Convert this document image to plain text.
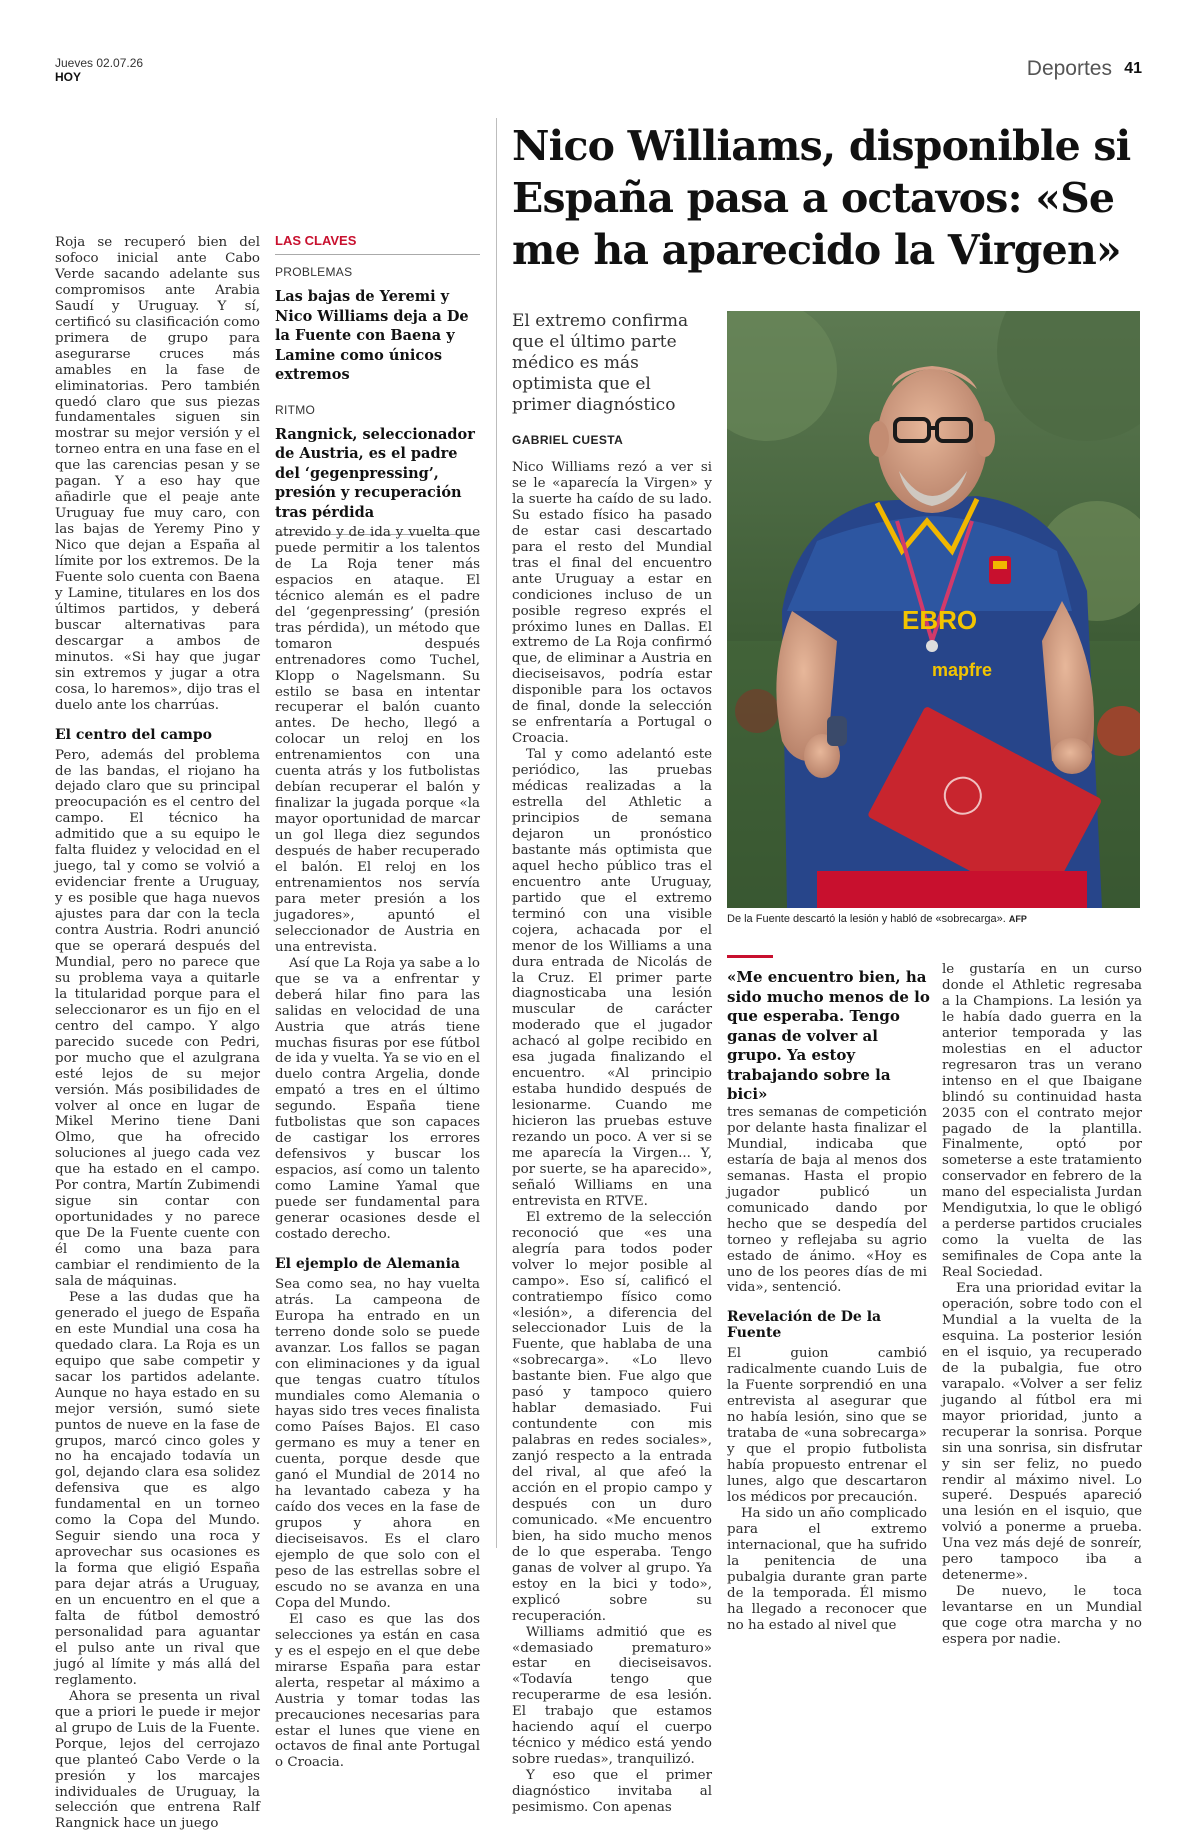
Jueves 02.07.26
HOY	Deportes 41
Nico Williams, disponible si España pasa a octavos: «Se me ha aparecido la Virgen»

Roja se recuperó bien del sofoco inicial ante Cabo Verde sacando adelante sus compromisos ante Arabia Saudí y Uruguay. Y sí, certificó su clasificación como primera de grupo para asegurarse cruces más amables en la fase de eliminatorias. Pero también quedó claro que sus piezas fundamentales siguen sin mostrar su mejor versión y el torneo entra en una fase en el que las carencias pesan y se pagan. Y a eso hay que añadirle que el peaje ante Uruguay fue muy caro, con las bajas de Yeremy Pino y Nico que dejan a España al límite por los extremos. De la Fuente solo cuenta con Baena y Lamine, titulares en los dos últimos partidos, y deberá buscar alternativas para descargar a ambos de minutos. «Si hay que jugar sin extremos y jugar a otra cosa, lo haremos», dijo tras el duelo ante los charrúas.

El centro del campo

Pero, además del problema de las bandas, el riojano ha dejado claro que su principal preocupación es el centro del campo. El técnico ha admitido que a su equipo le falta fluidez y velocidad en el juego, tal y como se volvió a evidenciar frente a Uruguay, y es posible que haga nuevos ajustes para dar con la tecla contra Austria. Rodri anunció que se operará después del Mundial, pero no parece que su problema vaya a quitarle la titularidad porque para el seleccionaror es un fijo en el centro del campo. Y algo parecido sucede con Pedri, por mucho que el azulgrana esté lejos de su mejor versión. Más posibilidades de volver al once en lugar de Mikel Merino tiene Dani Olmo, que ha ofrecido soluciones al juego cada vez que ha estado en el campo. Por contra, Martín Zubimendi sigue sin contar con oportunidades y no parece que De la Fuente cuente con él como una baza para cambiar el rendimiento de la sala de máquinas.

Pese a las dudas que ha generado el juego de España en este Mundial una cosa ha quedado clara. La Roja es un equipo que sabe competir y sacar los partidos adelante. Aunque no haya estado en su mejor versión, sumó siete puntos de nueve en la fase de grupos, marcó cinco goles y no ha encajado todavía un gol, dejando clara esa solidez defensiva que es algo fundamental en un torneo como la Copa del Mundo. Seguir siendo una roca y aprovechar sus ocasiones es la forma que eligió España para dejar atrás a Uruguay, en un encuentro en el que a falta de fútbol demostró personalidad para aguantar el pulso ante un rival que jugó al límite y más allá del reglamento.

Ahora se presenta un rival que a priori le puede ir mejor al grupo de Luis de la Fuente. Porque, lejos del cerrojazo que planteó Cabo Verde o la presión y los marcajes individuales de Uruguay, la selección que entrena Ralf Rangnick hace un juego

LAS CLAVES
PROBLEMAS
Las bajas de Yeremi y Nico Williams deja a De la Fuente con Baena y Lamine como únicos extremos
RITMO
Rangnick, seleccionador de Austria, es el padre del ‘gegenpressing’, presión y recuperación tras pérdida

atrevido y de ida y vuelta que puede permitir a los talentos de La Roja tener más espacios en ataque. El técnico alemán es el padre del ‘gegenpressing’ (presión tras pérdida), un método que tomaron después entrenadores como Tuchel, Klopp o Nagelsmann. Su estilo se basa en intentar recuperar el balón cuanto antes. De hecho, llegó a colocar un reloj en los entrenamientos con una cuenta atrás y los futbolistas debían recuperar el balón y finalizar la jugada porque «la mayor oportunidad de marcar un gol llega diez segundos después de haber recuperado el balón. El reloj en los entrenamientos nos servía para meter presión a los jugadores», apuntó el seleccionador de Austria en una entrevista.

Así que La Roja ya sabe a lo que se va a enfrentar y deberá hilar fino para las salidas en velocidad de una Austria que atrás tiene muchas fisuras por ese fútbol de ida y vuelta. Ya se vio en el duelo contra Argelia, donde empató a tres en el último segundo. España tiene futbolistas que son capaces de castigar los errores defensivos y buscar los espacios, así como un talento como Lamine Yamal que puede ser fundamental para generar ocasiones desde el costado derecho.

El ejemplo de Alemania

Sea como sea, no hay vuelta atrás. La campeona de Europa ha entrado en un terreno donde solo se puede avanzar. Los fallos se pagan con eliminaciones y da igual que tengas cuatro títulos mundiales como Alemania o hayas sido tres veces finalista como Países Bajos. El caso germano es muy a tener en cuenta, porque desde que ganó el Mundial de 2014 no ha levantado cabeza y ha caído dos veces en la fase de grupos y ahora en dieciseisavos. Es el claro ejemplo de que solo con el peso de las estrellas sobre el escudo no se avanza en una Copa del Mundo.

El caso es que las dos selecciones ya están en casa y es el espejo en el que debe mirarse España para estar alerta, respetar al máximo a Austria y tomar todas las precauciones necesarias para estar el lunes que viene en octavos de final ante Portugal o Croacia.

El extremo confirma que el último parte médico es más optimista que el primer diagnóstico
GABRIEL CUESTA

Nico Williams rezó a ver si se le «aparecía la Virgen» y la suerte ha caído de su lado. Su estado físico ha pasado de estar casi descartado para el resto del Mundial tras el final del encuentro ante Uruguay a estar en condiciones incluso de un posible regreso exprés el próximo lunes en Dallas. El extremo de La Roja confirmó que, de eliminar a Austria en dieciseisavos, podría estar disponible para los octavos de final, donde la selección se enfrentaría a Portugal o Croacia.

Tal y como adelantó este periódico, las pruebas médicas realizadas a la estrella del Athletic a principios de semana dejaron un pronóstico bastante más optimista que aquel hecho público tras el encuentro ante Uruguay, partido que el extremo terminó con una visible cojera, achacada por el menor de los Williams a una dura entrada de Nicolás de la Cruz. El primer parte diagnosticaba una lesión muscular de carácter moderado que el jugador achacó al golpe recibido en esa jugada finalizando el encuentro. «Al principio estaba hundido después de lesionarme. Cuando me hicieron las pruebas estuve rezando un poco. A ver si se me aparecía la Virgen... Y, por suerte, se ha aparecido», señaló Williams en una entrevista en RTVE.

El extremo de la selección reconoció que «es una alegría para todos poder volver lo mejor posible al campo». Eso sí, calificó el contratiempo físico como «lesión», a diferencia del seleccionador Luis de la Fuente, que hablaba de una «sobrecarga». «Lo llevo bastante bien. Fue algo que pasó y tampoco quiero hablar demasiado. Fui contundente con mis palabras en redes sociales», zanjó respecto a la entrada del rival, al que afeó la acción en el propio campo y después con un duro comunicado. «Me encuentro bien, ha sido mucho menos de lo que esperaba. Tengo ganas de volver al grupo. Ya estoy en la bici y todo», explicó sobre su recuperación.

Williams admitió que es «demasiado prematuro» estar en dieciseisavos. «Todavía tengo que recuperarme de esa lesión. El trabajo que estamos haciendo aquí el cuerpo técnico y médico está yendo sobre ruedas», tranquilizó.

Y eso que el primer diagnóstico invitaba al pesimismo. Con apenas

EBRO
mapfre
De la Fuente descartó la lesión y habló de «sobrecarga». AFP
«Me encuentro bien, ha sido mucho menos de lo que esperaba. Tengo ganas de volver al grupo. Ya estoy trabajando sobre la bici»

tres semanas de competición por delante hasta finalizar el Mundial, indicaba que estaría de baja al menos dos semanas. Hasta el propio jugador publicó un comunicado dando por hecho que se despedía del torneo y reflejaba su agrio estado de ánimo. «Hoy es uno de los peores días de mi vida», sentenció.

Revelación de De la Fuente

El guion cambió radicalmente cuando Luis de la Fuente sorprendió en una entrevista al asegurar que no había lesión, sino que se trataba de «una sobrecarga» y que el propio futbolista había propuesto entrenar el lunes, algo que descartaron los médicos por precaución.

Ha sido un año complicado para el extremo internacional, que ha sufrido la penitencia de una pubalgia durante gran parte de la temporada. Él mismo ha llegado a reconocer que no ha estado al nivel que

le gustaría en un curso donde el Athletic regresaba a la Champions. La lesión ya le había dado guerra en la anterior temporada y las molestias en el aductor regresaron tras un verano intenso en el que Ibaigane blindó su continuidad hasta 2035 con el contrato mejor pagado de la plantilla. Finalmente, optó por someterse a este tratamiento conservador en febrero de la mano del especialista Jurdan Mendigutxia, lo que le obligó a perderse partidos cruciales como la vuelta de las semifinales de Copa ante la Real Sociedad.

Era una prioridad evitar la operación, sobre todo con el Mundial a la vuelta de la esquina. La posterior lesión en el isquio, ya recuperado de la pubalgia, fue otro varapalo. «Volver a ser feliz jugando al fútbol era mi mayor prioridad, junto a recuperar la sonrisa. Porque sin una sonrisa, sin disfrutar y sin ser feliz, no puedo rendir al máximo nivel. Lo superé. Después apareció una lesión en el isquio, que volvió a ponerme a prueba. Una vez más dejé de sonreír, pero tampoco iba a detenerme».

De nuevo, le toca levantarse en un Mundial que coge otra marcha y no espera por nadie.
